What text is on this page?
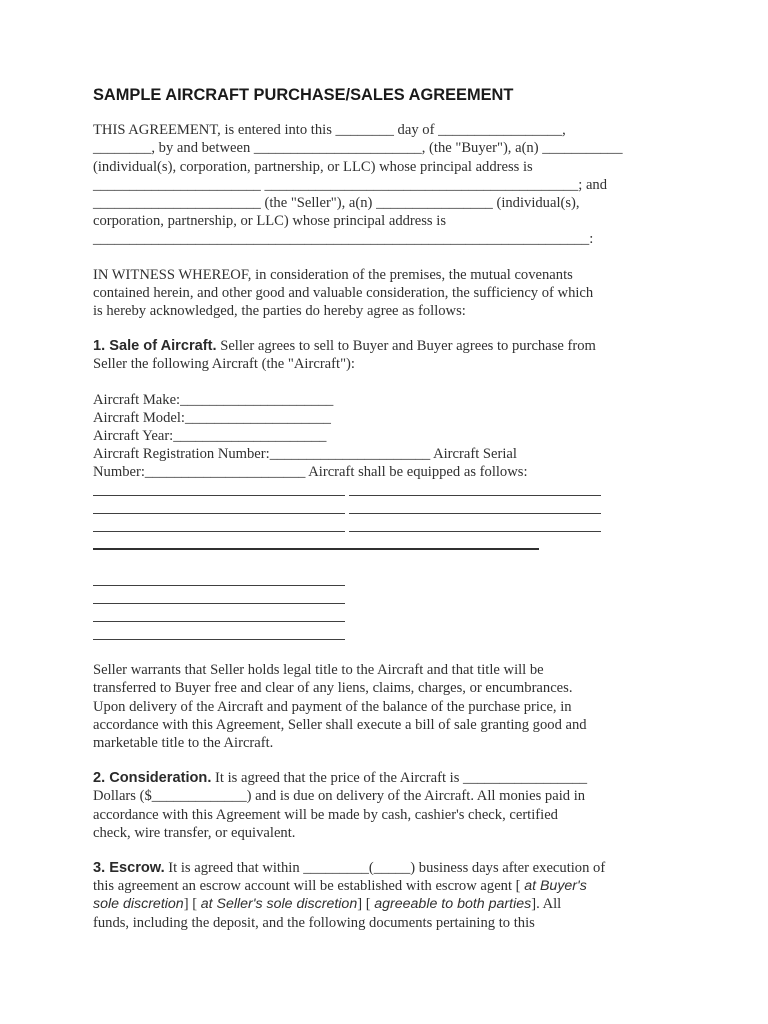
SAMPLE AIRCRAFT PURCHASE/SALES AGREEMENT
THIS AGREEMENT, is entered into this ________ day of _________________,
________, by and between _______________________, (the "Buyer"), a(n) ___________
(individual(s), corporation, partnership, or LLC) whose principal address is
_______________________ ___________________________________________; and
_______________________ (the "Seller"), a(n) ________________ (individual(s),
corporation, partnership, or LLC) whose principal address is
____________________________________________________________________:
IN WITNESS WHEREOF, in consideration of the premises, the mutual covenants
contained herein, and other good and valuable consideration, the sufficiency of which
is hereby acknowledged, the parties do hereby agree as follows:
1. Sale of Aircraft. Seller agrees to sell to Buyer and Buyer agrees to purchase from
Seller the following Aircraft (the "Aircraft"):
Aircraft Make:_____________________
Aircraft Model:____________________
Aircraft Year:_____________________
Aircraft Registration Number:______________________ Aircraft Serial
Number:______________________ Aircraft shall be equipped as follows:
Seller warrants that Seller holds legal title to the Aircraft and that title will be
transferred to Buyer free and clear of any liens, claims, charges, or encumbrances.
Upon delivery of the Aircraft and payment of the balance of the purchase price, in
accordance with this Agreement, Seller shall execute a bill of sale granting good and
marketable title to the Aircraft.
2. Consideration. It is agreed that the price of the Aircraft is _________________
Dollars ($_____________) and is due on delivery of the Aircraft. All monies paid in
accordance with this Agreement will be made by cash, cashier's check, certified
check, wire transfer, or equivalent.
3. Escrow. It is agreed that within _________(_____) business days after execution of
this agreement an escrow account will be established with escrow agent [ at Buyer's
sole discretion] [ at Seller's sole discretion] [ agreeable to both parties]. All
funds, including the deposit, and the following documents pertaining to this
